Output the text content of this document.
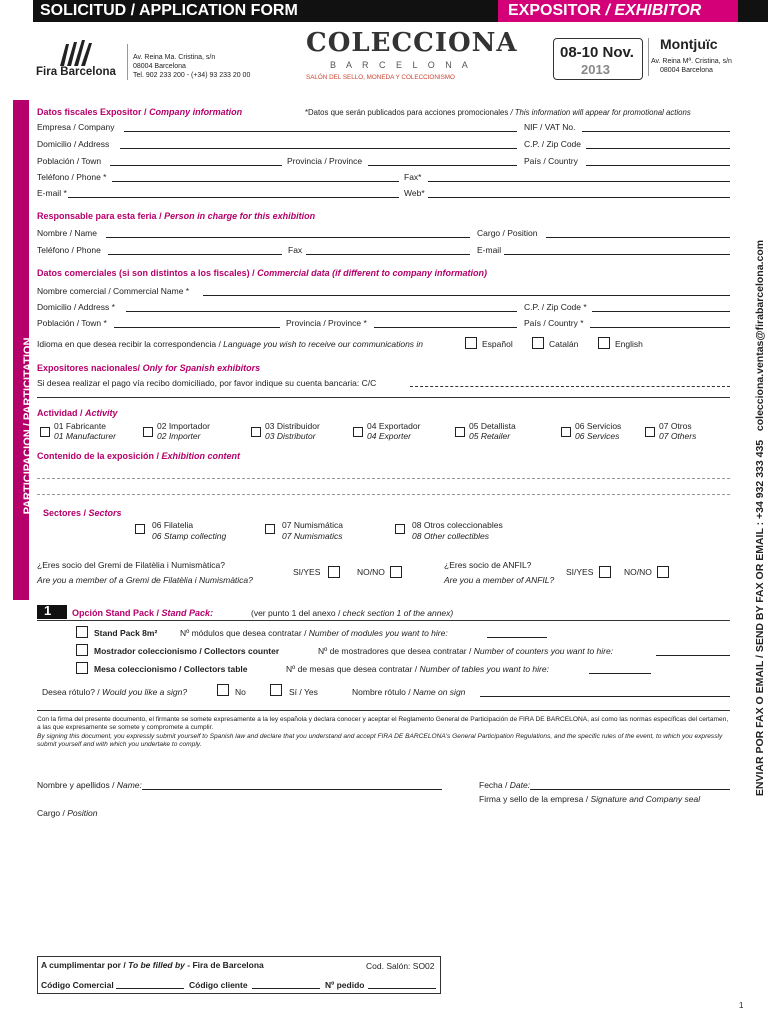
SOLICITUD / APPLICATION FORM	EXPOSITOR / EXHIBITOR
Fira Barcelona
Av. Reina Ma. Cristina, s/n
08004 Barcelona
Tel. 902 233 200 - (+34) 93 233 20 00
COLECCIONA
B A R C E L O N A
SALÓN DEL SELLO, MONEDA Y COLECCIONISMO
08-10 Nov.
2013
Montjuïc
Av. Reina Mª. Cristina, s/n
08004 Barcelona
PARTICIPACION / PARTICITATION
ENVIAR POR FAX O EMAIL / SEND BY FAX OR EMAIL : +34 932 333 435   colecciona.ventas@firabarcelona.com
Datos fiscales Expositor / Company information	*Datos que serán publicados para acciones promocionales / This information will appear for promotional actions
Empresa / Company	NIF / VAT No.
Domicilio / Address	C.P. / Zip Code
Población / Town	Provincia / Province	País / Country
Teléfono / Phone *	Fax*
E-mail *	Web*
Responsable para esta feria / Person in charge for this exhibition
Nombre / Name	Cargo / Position
Teléfono / Phone	Fax	E-mail
Datos comerciales (si son distintos a los fiscales) / Commercial data (if different to company information)
Nombre comercial / Commercial Name *
Domicilio / Address *	C.P. / Zip Code *
Población / Town *	Provincia / Province *	País / Country *
Idioma en que desea recibir la correspondencia / Language you wish to receive our communications in	Español	Catalán	English
Expositores nacionales/ Only for Spanish exhibitors
Si desea realizar el pago vía recibo domiciliado, por favor indique su cuenta bancaria: C/C
Actividad / Activity
01 Fabricante
01 Manufacturer
02 Importador
02 Importer
03 Distribuidor
03 Distributor
04 Exportador
04 Exporter
05 Detallista
05 Retailer
06 Servicios
06 Services
07 Otros
07 Others
Contenido de la exposición / Exhibition content
Sectores / Sectors
06 Filatelia
06 Stamp collecting
07 Numismática
07 Numismatics
08 Otros coleccionables
08 Other collectibles
¿Eres socio del Gremi de Filatèlia i Numismàtica?
Are you a member of a Gremi de Filatèlia i Numismàtica?
SI/YES	NO/NO
¿Eres socio de ANFIL?
Are you a member of ANFIL?
SI/YES	NO/NO
1 Opción Stand Pack / Stand Pack:	(ver punto 1 del anexo / check section 1 of the annex)
Stand Pack 8m²	Nº módulos que desea contratar / Number of modules you want to hire:
Mostrador coleccionismo / Collectors counter	Nº de mostradores que desea contratar / Number of counters you want to hire:
Mesa coleccionismo / Collectors table	Nº de mesas que desea contratar / Number of tables you want to hire:
Desea rótulo? / Would you like a sign?	No	Sí / Yes	Nombre rótulo / Name on sign
Con la firma del presente documento, el firmante se somete expresamente a la ley española y declara conocer y aceptar el Reglamento General de Participación de FIRA DE BARCELONA, así como las normas específicas del certamen, a las que expresamente se somete y compromete a cumplir.
By signing this document, you expressly submit yourself to Spanish law and declare that you understand and accept FIRA DE BARCELONA's General Participation Regulations, and the specific rules of the event, to which you expressly submit yourself and with which you undertake to comply.
Nombre y apellidos / Name:	Fecha / Date:
Firma y sello de la empresa / Signature and Company seal
Cargo / Position
A cumplimentar por / To be filled by - Fira de Barcelona	Cod. Salón: SO02
Código Comercial	Código cliente	Nº pedido
1
